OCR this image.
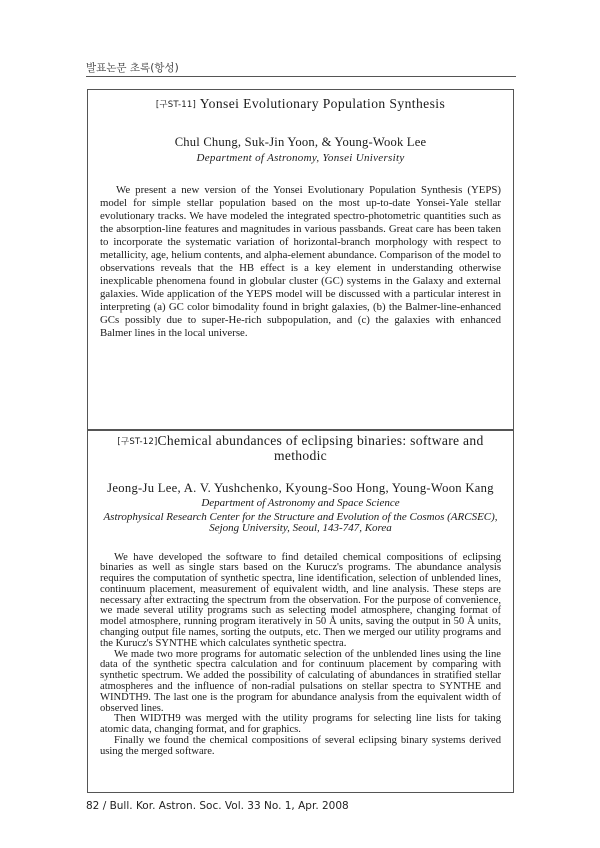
발표논문 초록(항성)
[구ST-11] Yonsei Evolutionary Population Synthesis
Chul Chung, Suk-Jin Yoon, & Young-Wook Lee
Department of Astronomy, Yonsei University

We present a new version of the Yonsei Evolutionary Population Synthesis (YEPS) model for simple stellar population based on the most up-to-date Yonsei-Yale stellar evolutionary tracks. We have modeled the integrated spectro-photometric quantities such as the absorption-line features and magnitudes in various passbands. Great care has been taken to incorporate the systematic variation of horizontal-branch morphology with respect to metallicity, age, helium contents, and alpha-element abundance. Comparison of the model to observations reveals that the HB effect is a key element in understanding otherwise inexplicable phenomena found in globular cluster (GC) systems in the Galaxy and external galaxies. Wide application of the YEPS model will be discussed with a particular interest in interpreting (a) GC color bimodality found in bright galaxies, (b) the Balmer-line-enhanced GCs possibly due to super-He-rich subpopulation, and (c) the galaxies with enhanced Balmer lines in the local universe.

[구ST-12]Chemical abundances of eclipsing binaries: software and methodic
Jeong-Ju Lee, A. V. Yushchenko, Kyoung-Soo Hong, Young-Woon Kang
Department of Astronomy and Space Science
Astrophysical Research Center for the Structure and Evolution of the Cosmos (ARCSEC), Sejong University, Seoul, 143-747, Korea

We have developed the software to find detailed chemical compositions of eclipsing binaries as well as single stars based on the Kurucz's programs. The abundance analysis requires the computation of synthetic spectra, line identification, selection of unblended lines, continuum placement, measurement of equivalent width, and line analysis. These steps are necessary after extracting the spectrum from the observation. For the purpose of convenience, we made several utility programs such as selecting model atmosphere, changing format of model atmosphere, running program iteratively in 50 Å units, saving the output in 50 Å units, changing output file names, sorting the outputs, etc. Then we merged our utility programs and the Kurucz's SYNTHE which calculates synthetic spectra.

We made two more programs for automatic selection of the unblended lines using the line data of the synthetic spectra calculation and for continuum placement by comparing with synthetic spectrum. We added the possibility of calculating of abundances in stratified stellar atmospheres and the influence of non-radial pulsations on stellar spectra to SYNTHE and WINDTH9. The last one is the program for abundance analysis from the equivalent width of observed lines.

Then WIDTH9 was merged with the utility programs for selecting line lists for taking atomic data, changing format, and for graphics.

Finally we found the chemical compositions of several eclipsing binary systems derived using the merged software.

82 / Bull. Kor. Astron. Soc. Vol. 33 No. 1, Apr. 2008
